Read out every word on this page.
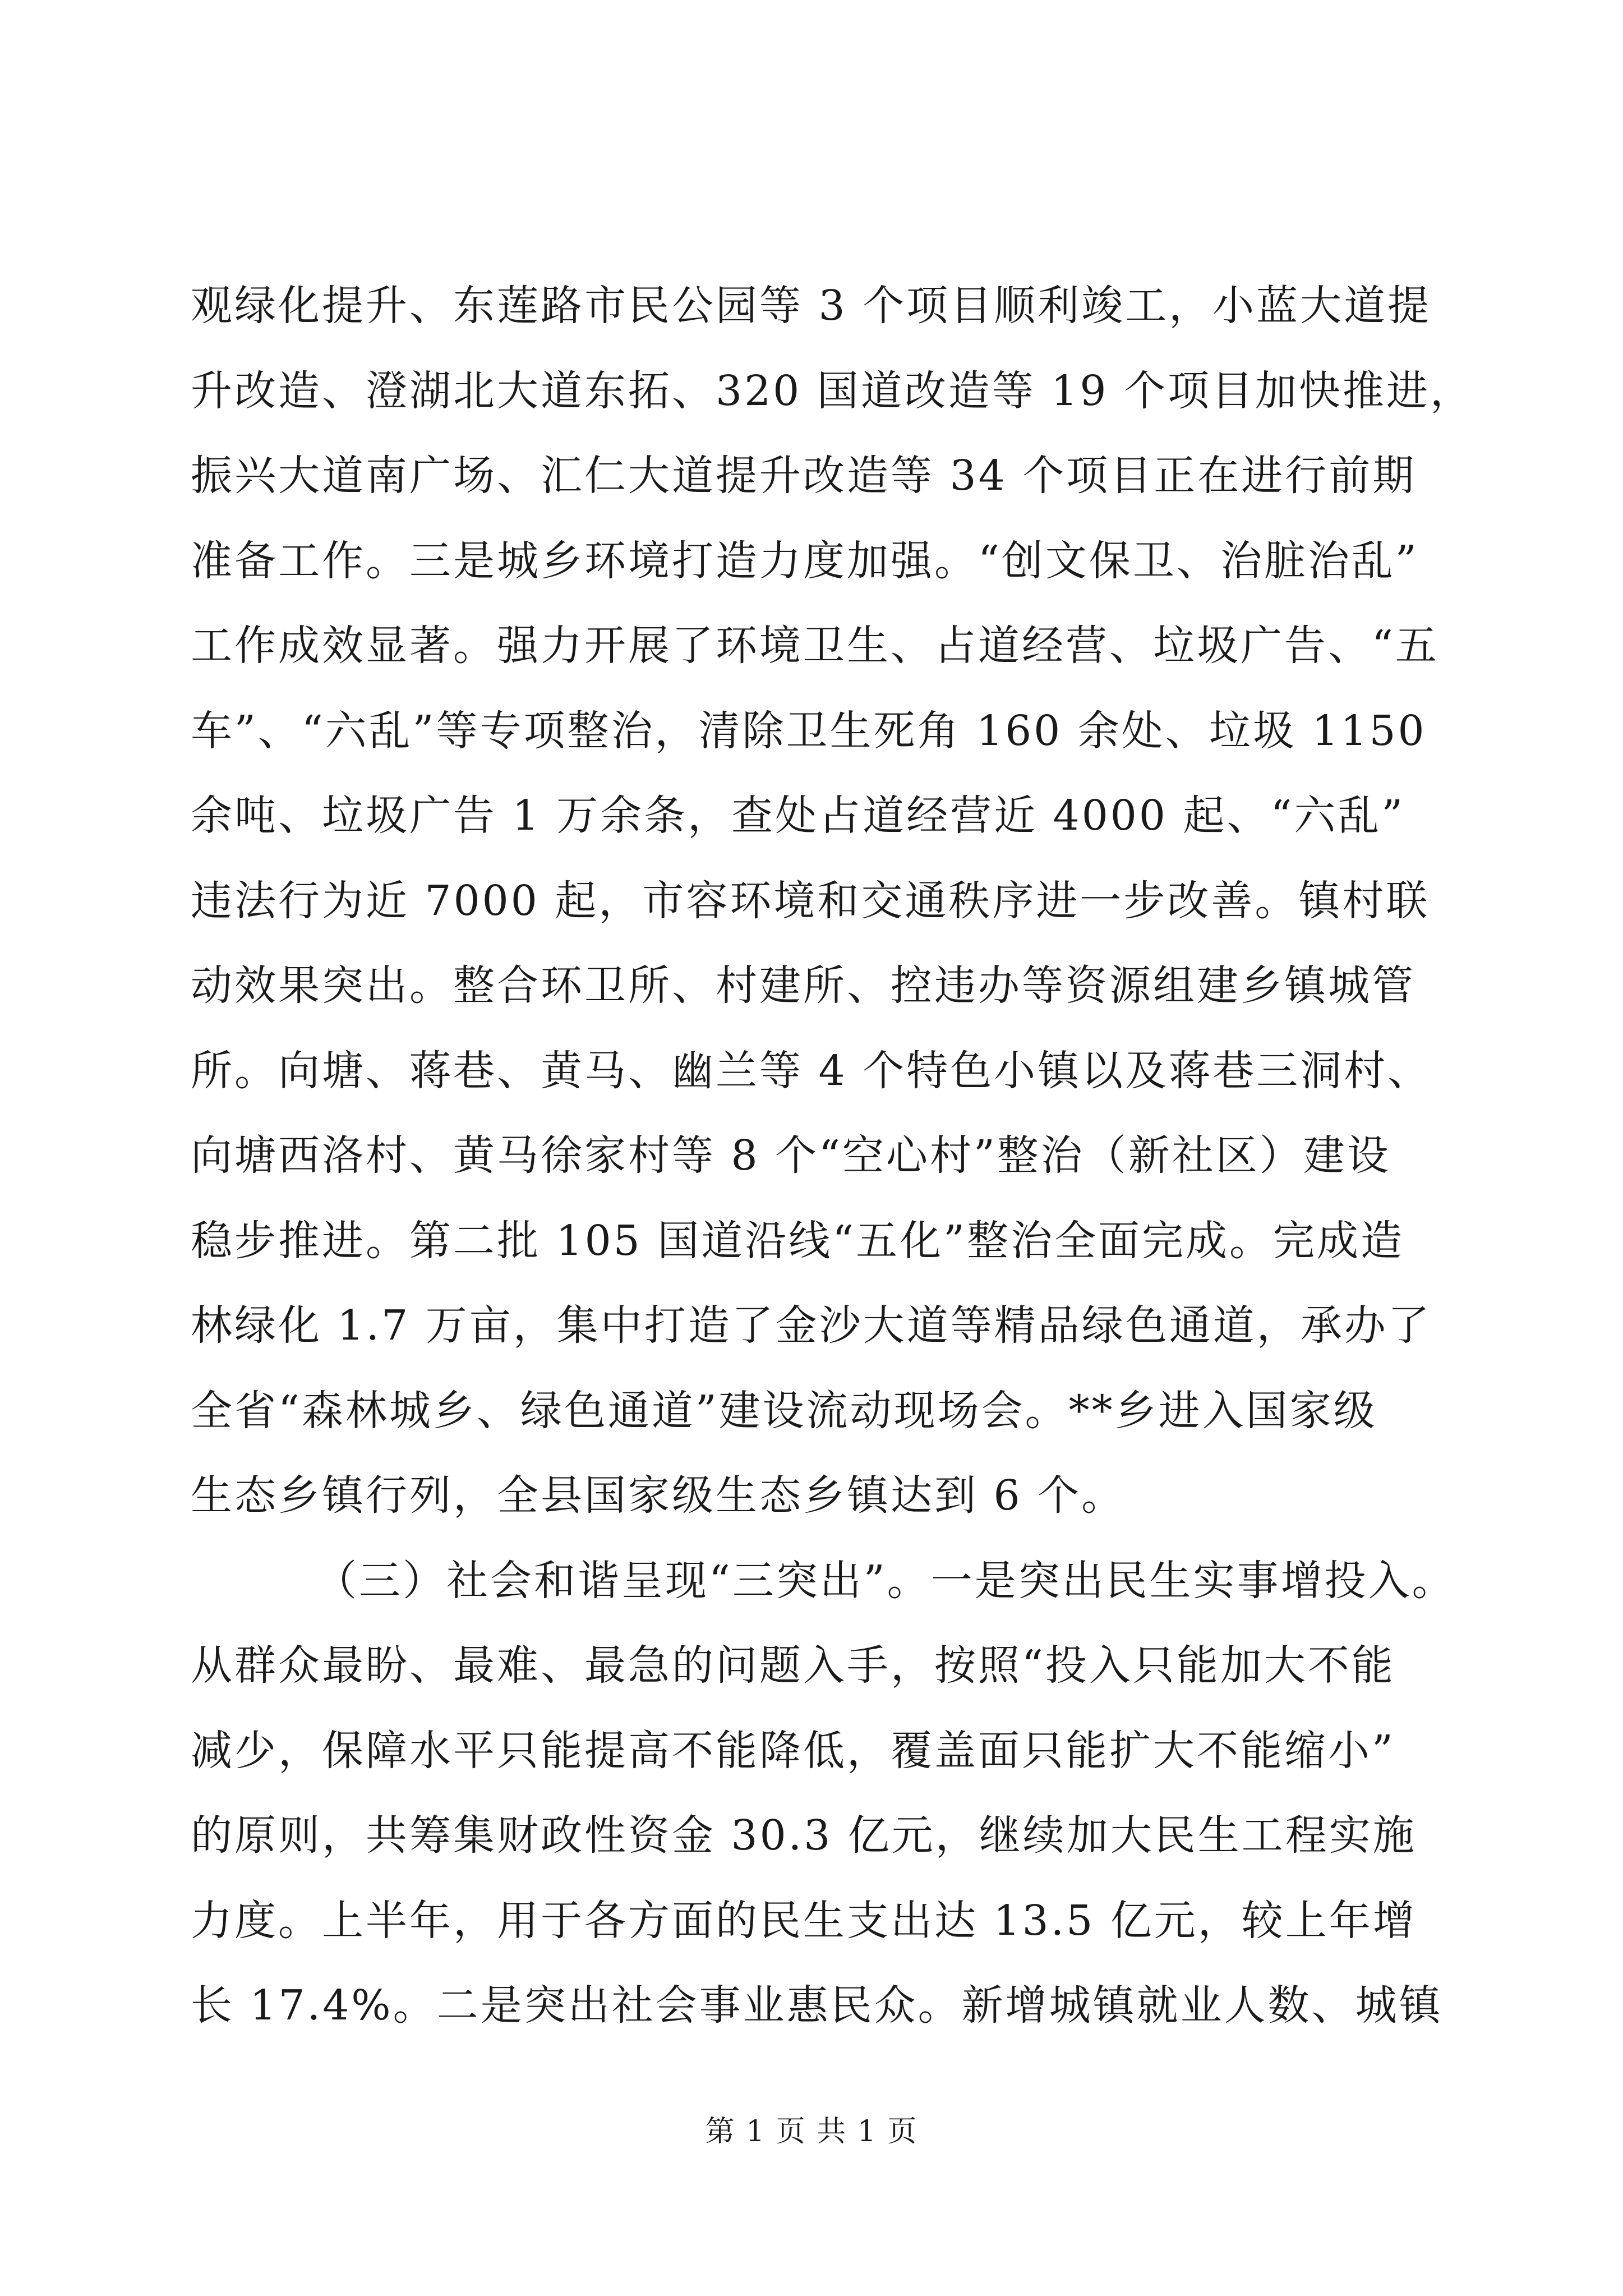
观绿化提升、东莲路市民公园等 3 个项目顺利竣工，小蓝大道提
升改造、澄湖北大道东拓、320 国道改造等 19 个项目加快推进，
振兴大道南广场、汇仁大道提升改造等 34 个项目正在进行前期
准备工作。三是城乡环境打造力度加强。“创文保卫、治脏治乱”
工作成效显著。强力开展了环境卫生、占道经营、垃圾广告、“五
车”、“六乱”等专项整治，清除卫生死角 160 余处、垃圾 1150
余吨、垃圾广告 1 万余条，查处占道经营近 4000 起、“六乱”
违法行为近 7000 起，市容环境和交通秩序进一步改善。镇村联
动效果突出。整合环卫所、村建所、控违办等资源组建乡镇城管
所。向塘、蒋巷、黄马、幽兰等 4 个特色小镇以及蒋巷三洞村、
向塘西洛村、黄马徐家村等 8 个“空心村”整治（新社区）建设
稳步推进。第二批 105 国道沿线“五化”整治全面完成。完成造
林绿化 1.7 万亩，集中打造了金沙大道等精品绿色通道，承办了
全省“森林城乡、绿色通道”建设流动现场会。**乡进入国家级
生态乡镇行列，全县国家级生态乡镇达到 6 个。
（三）社会和谐呈现“三突出”。一是突出民生实事增投入。
从群众最盼、最难、最急的问题入手，按照“投入只能加大不能
减少，保障水平只能提高不能降低，覆盖面只能扩大不能缩小”
的原则，共筹集财政性资金 30.3 亿元，继续加大民生工程实施
力度。上半年，用于各方面的民生支出达 13.5 亿元，较上年增
长 17.4%。二是突出社会事业惠民众。新增城镇就业人数、城镇
第 1 页 共 1 页
